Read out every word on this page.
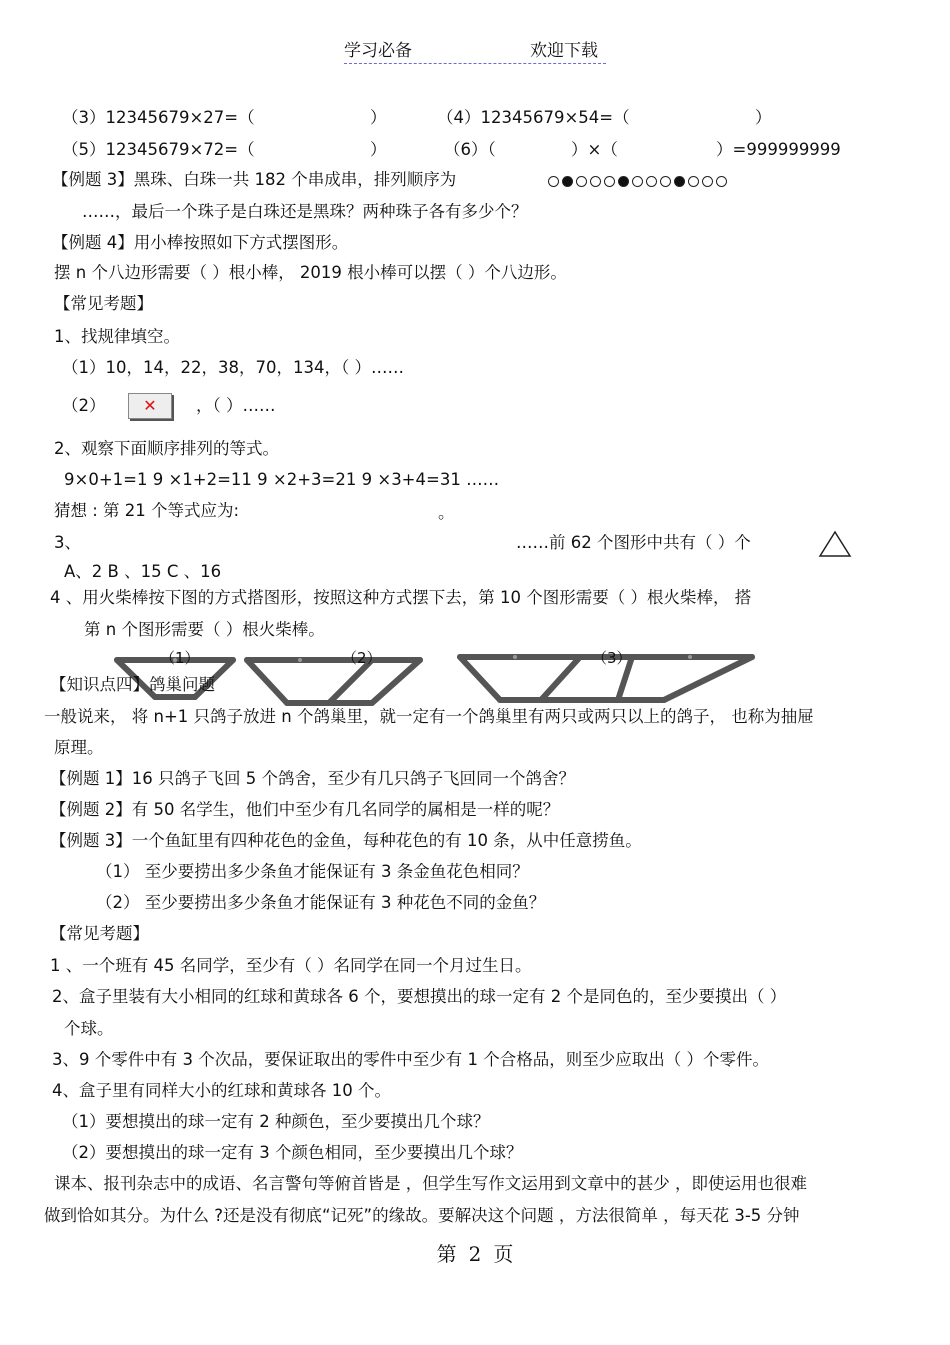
学习必备	欢迎下载
（3）12345679×27=（	）	（4）12345679×54=（	）
（5）12345679×72=（	）	（6）（	）×（	）=999999999
【例题 3】黑珠、白珠一共 182 个串成串，排列顺序为
……，最后一个珠子是白珠还是黑珠？两种珠子各有多少个？
【例题 4】用小棒按照如下方式摆图形。
摆 n 个八边形需要（ ）根小棒， 2019 根小棒可以摆（ ）个八边形。
【常见考题】
1、找规律填空。
（1）10，14，22，38，70，134，（ ）……
（2） ✕ ，（ ）……
2、观察下面顺序排列的等式。
9×0+1=1 9 ×1+2=11 9 ×2+3=21 9 ×3+4=31 ……
猜想 : 第 21 个等式应为:	。
3、	……前 62 个图形中共有（ ）个
A、2 B 、15 C 、16
4 、用火柴棒按下图的方式搭图形，按照这种方式摆下去，第 10 个图形需要（ ）根火柴棒， 搭
第 n 个图形需要（ ）根火柴棒。
（1）	（2）	（3）
【知识点四】鸽巢问题
一般说来， 将 n+1 只鸽子放进 n 个鸽巢里，就一定有一个鸽巢里有两只或两只以上的鸽子， 也称为抽屉
原理。
【例题 1】16 只鸽子飞回 5 个鸽舍，至少有几只鸽子飞回同一个鸽舍？
【例题 2】有 50 名学生，他们中至少有几名同学的属相是一样的呢？
【例题 3】一个鱼缸里有四种花色的金鱼，每种花色的有 10 条，从中任意捞鱼。
（1） 至少要捞出多少条鱼才能保证有 3 条金鱼花色相同？
（2） 至少要捞出多少条鱼才能保证有 3 种花色不同的金鱼？
【常见考题】
1 、一个班有 45 名同学，至少有（ ）名同学在同一个月过生日。
2、盒子里装有大小相同的红球和黄球各 6 个，要想摸出的球一定有 2 个是同色的，至少要摸出（ ）
个球。
3、9 个零件中有 3 个次品，要保证取出的零件中至少有 1 个合格品，则至少应取出（ ）个零件。
4、盒子里有同样大小的红球和黄球各 10 个。
（1）要想摸出的球一定有 2 种颜色，至少要摸出几个球？
（2）要想摸出的球一定有 3 个颜色相同，至少要摸出几个球？
课本、报刊杂志中的成语、名言警句等俯首皆是 ，但学生写作文运用到文章中的甚少 ，即使运用也很难
做到恰如其分。为什么 ?还是没有彻底“记死”的缘故。要解决这个问题 ，方法很简单 ，每天花 3-5 分钟
第 2 页
